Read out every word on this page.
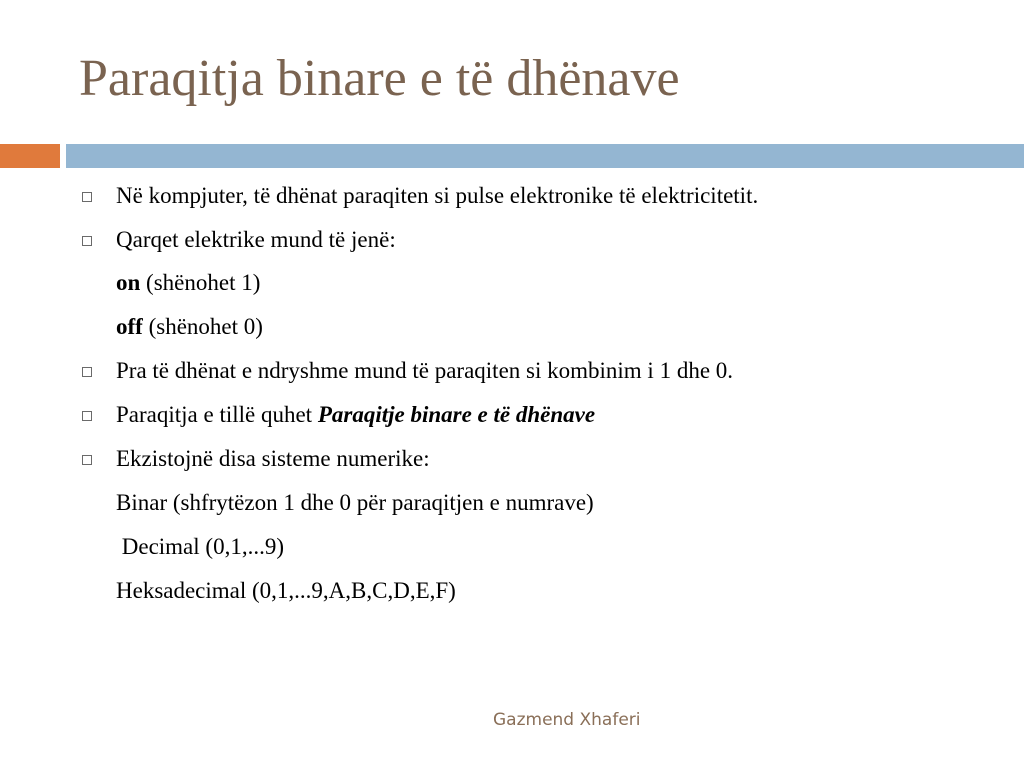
Paraqitja binare e të dhënave
Në kompjuter, të dhënat paraqiten si pulse elektronike të elektricitetit.
Qarqet elektrike mund të jenë:
on (shënohet 1)
off (shënohet 0)
Pra të dhënat e ndryshme mund të paraqiten si kombinim i 1 dhe 0.
Paraqitja e tillë quhet Paraqitje binare e të dhënave
Ekzistojnë disa sisteme numerike:
Binar (shfrytëzon 1 dhe 0 për paraqitjen e numrave)
Decimal (0,1,...9)
Heksadecimal (0,1,...9,A,B,C,D,E,F)
Gazmend Xhaferi
